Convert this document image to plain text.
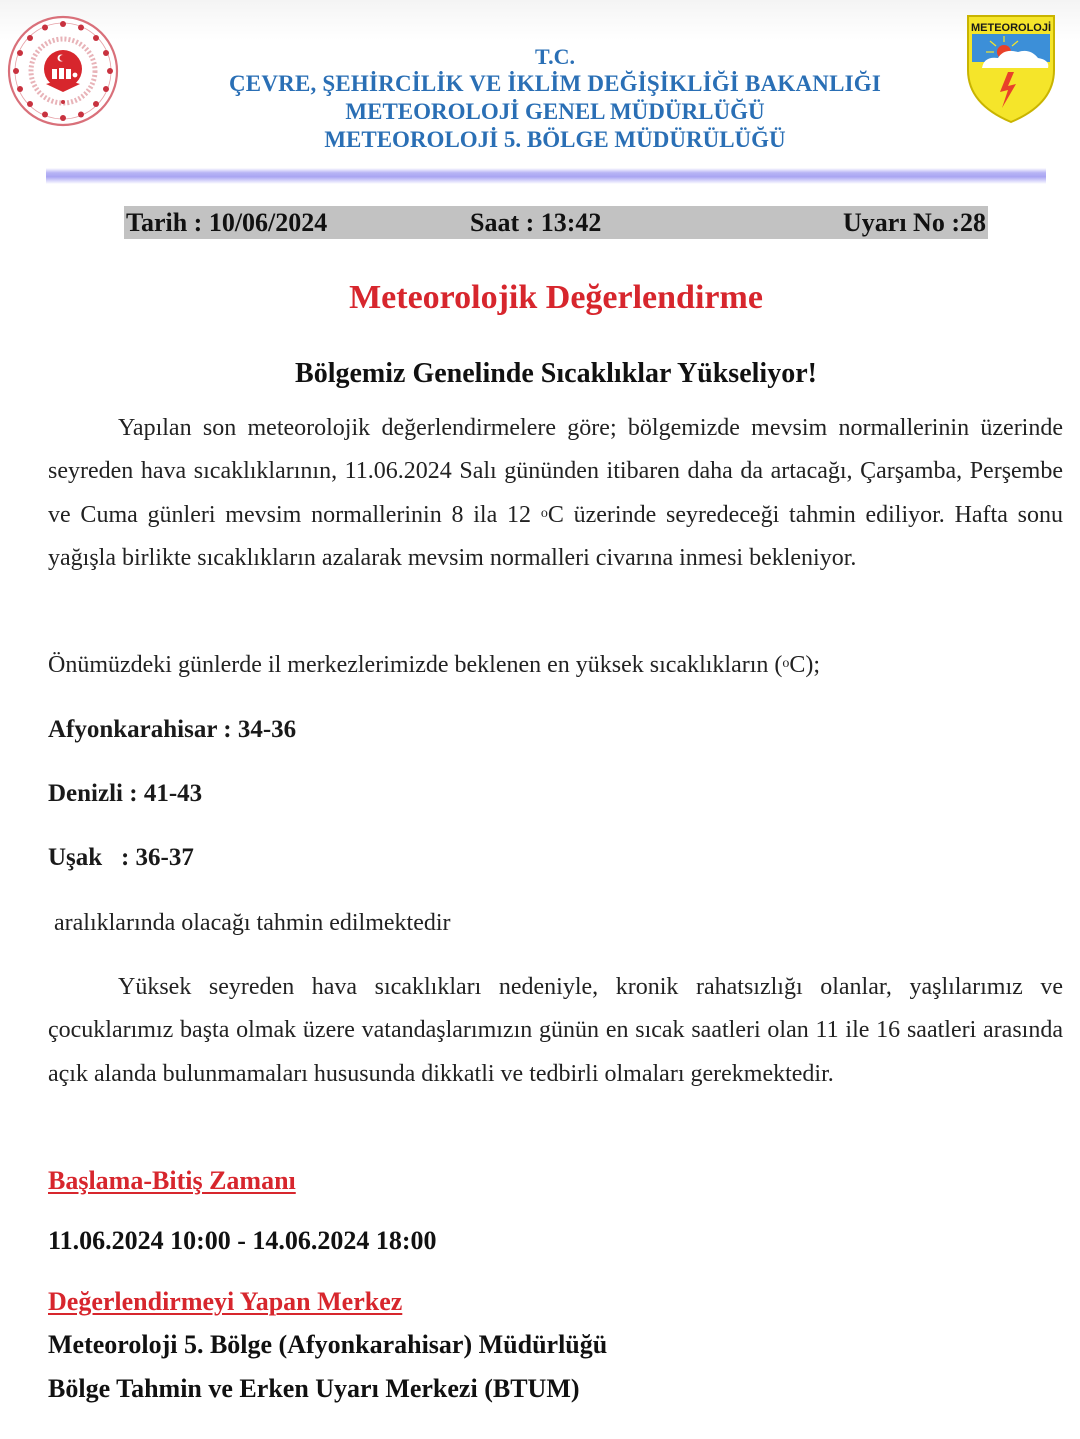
METEOROLOJİ
T.C.
ÇEVRE, ŞEHİRCİLİK VE İKLİM DEĞİŞİKLİĞİ BAKANLIĞI
METEOROLOJİ GENEL MÜDÜRLÜĞÜ
METEOROLOJİ 5. BÖLGE MÜDÜRÜLÜĞÜ
Tarih : 10/06/2024	Saat : 13:42	Uyarı No :28
Meteorolojik Değerlendirme
Bölgemiz Genelinde Sıcaklıklar Yükseliyor!
Yapılan son meteorolojik değerlendirmelere göre; bölgemizde mevsim normallerinin üzerinde seyreden hava sıcaklıklarının, 11.06.2024 Salı gününden itibaren daha da artacağı, Çarşamba, Perşembe ve Cuma günleri mevsim normallerinin 8 ila 12 $^o$C üzerinde seyredeceği tahmin ediliyor. Hafta sonu yağışla birlikte sıcaklıkların azalarak mevsim normalleri civarına inmesi bekleniyor.
Önümüzdeki günlerde il merkezlerimizde beklenen en yüksek sıcaklıkların ($^o$C);
Afyonkarahisar : 34-36
Denizli : 41-43
Uşak   : 36-37
aralıklarında olacağı tahmin edilmektedir
Yüksek seyreden hava sıcaklıkları nedeniyle, kronik rahatsızlığı olanlar, yaşlılarımız ve çocuklarımız başta olmak üzere vatandaşlarımızın günün en sıcak saatleri olan 11 ile 16 saatleri arasında açık alanda bulunmamaları hususunda dikkatli ve tedbirli olmaları gerekmektedir.
Başlama-Bitiş Zamanı
11.06.2024 10:00 - 14.06.2024 18:00
Değerlendirmeyi Yapan Merkez
Meteoroloji 5. Bölge (Afyonkarahisar) Müdürlüğü
Bölge Tahmin ve Erken Uyarı Merkezi (BTUM)
